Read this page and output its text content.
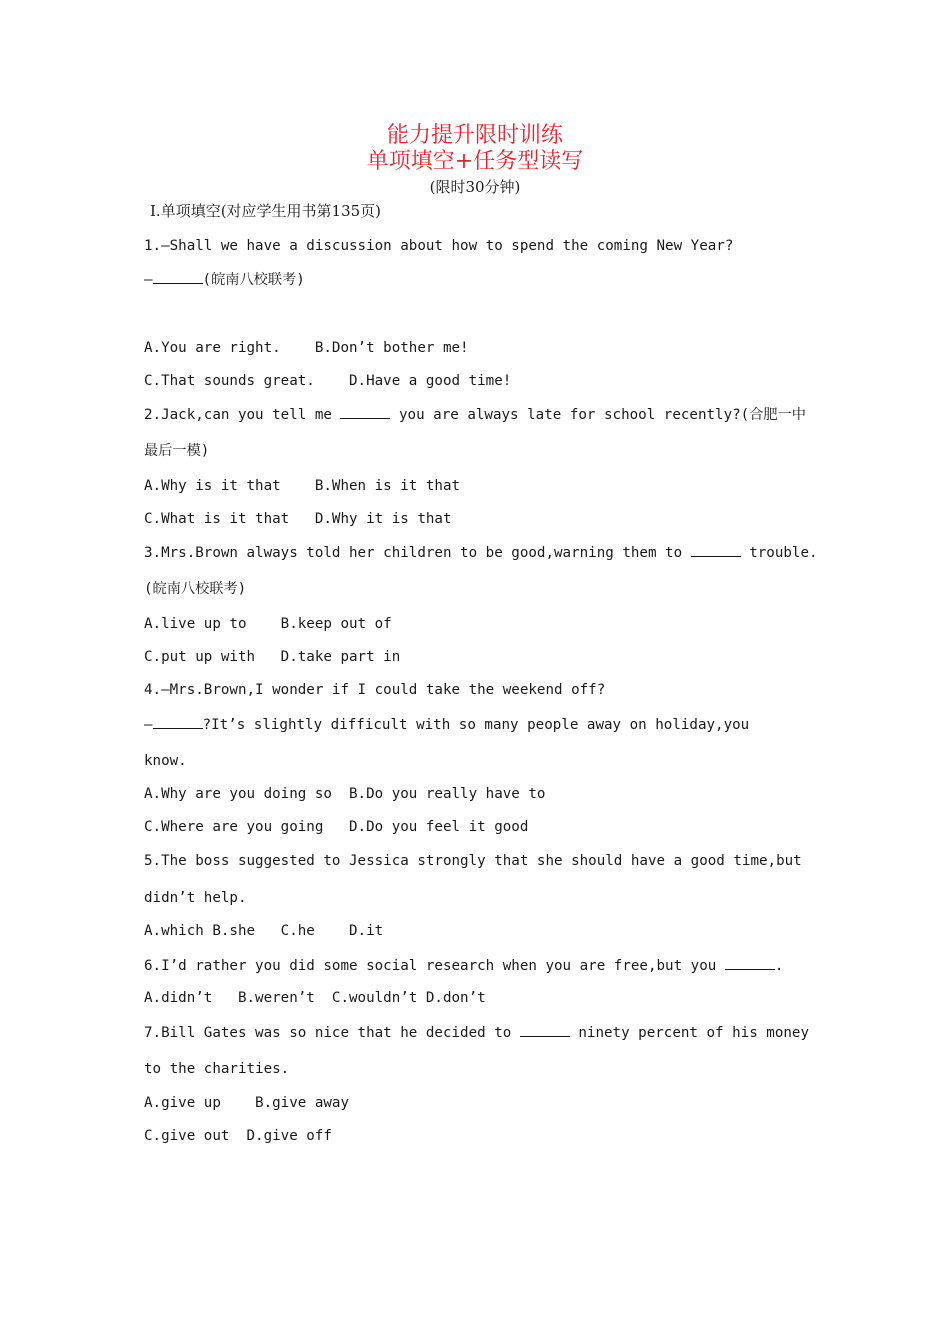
能力提升限时训练
单项填空+任务型读写
(限时30分钟)
Ⅰ.单项填空(对应学生用书第135页)
1.—Shall we have a discussion about how to spend the coming New Year?
—	(皖南八校联考)
A.You are right.    B.Don’t bother me!
C.That sounds great.    D.Have a good time!
2.Jack,can you tell me	you are always late for school recently?(合肥一中
最后一模)
A.Why is it that    B.When is it that
C.What is it that   D.Why it is that
3.Mrs.Brown always told her children to be good,warning them to	trouble.
(皖南八校联考)
A.live up to    B.keep out of
C.put up with   D.take part in
4.—Mrs.Brown,I wonder if I could take the weekend off?
—	?It’s slightly difficult with so many people away on holiday,you
know.
A.Why are you doing so  B.Do you really have to
C.Where are you going   D.Do you feel it good
5.The boss suggested to Jessica strongly that she should have a good time,but
didn’t help.
A.which B.she   C.he    D.it
6.I’d rather you did some social research when you are free,but you	.
A.didn’t   B.weren’t  C.wouldn’t D.don’t
7.Bill Gates was so nice that he decided to	ninety percent of his money
to the charities.
A.give up    B.give away
C.give out  D.give off
